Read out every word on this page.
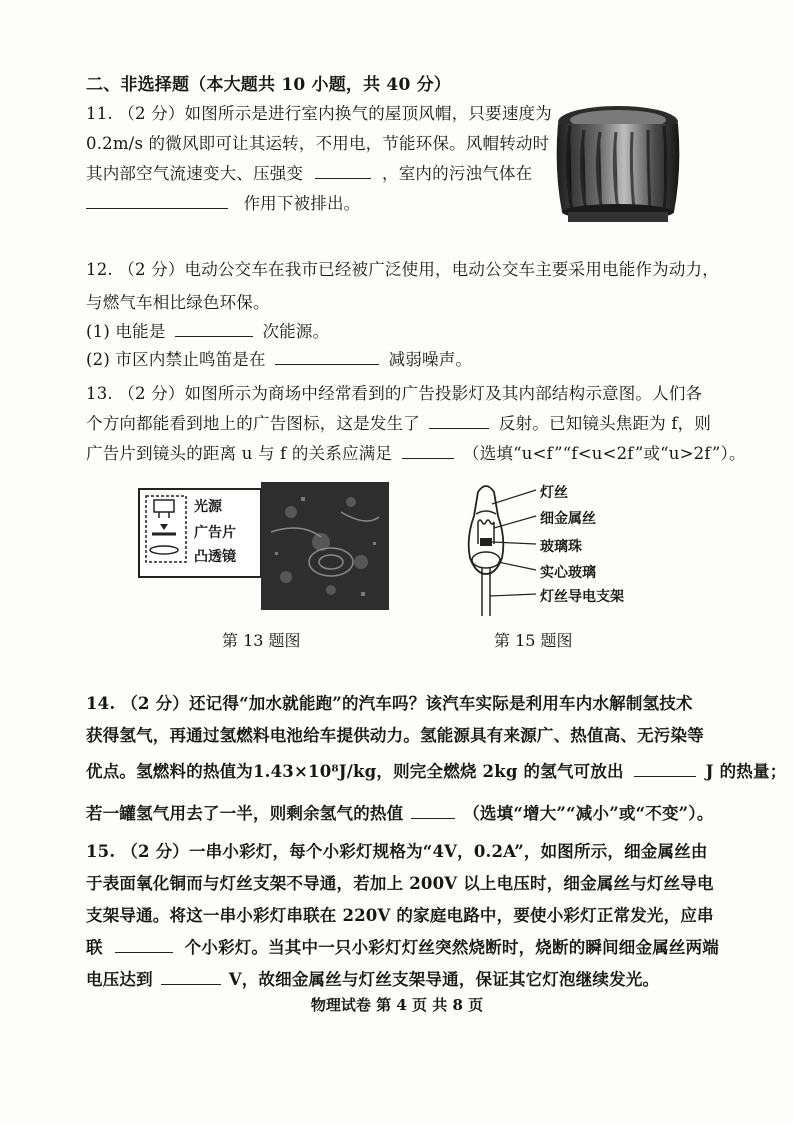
二、非选择题（本大题共 10 小题，共 40 分）
11. （2 分）如图所示是进行室内换气的屋顶风帽，只要速度为
0.2m/s 的微风即可让其运转，不用电，节能环保。风帽转动时
其内部空气流速变大、压强变	，室内的污浊气体在
作用下被排出。
12. （2 分）电动公交车在我市已经被广泛使用，电动公交车主要采用电能作为动力，
与燃气车相比绿色环保。
(1) 电能是	次能源。
(2) 市区内禁止鸣笛是在	减弱噪声。
13. （2 分）如图所示为商场中经常看到的广告投影灯及其内部结构示意图。人们各
个方向都能看到地上的广告图标，这是发生了	反射。已知镜头焦距为 f，则
广告片到镜头的距离 u 与 f 的关系应满足	（选填“u<f”“f<u<2f”或“u>2f”）。
光源
广告片
凸透镜
第 13 题图
灯丝
细金属丝
玻璃珠
实心玻璃
灯丝导电支架
第 15 题图
14. （2 分）还记得“加水就能跑”的汽车吗？该汽车实际是利用车内水解制氢技术
获得氢气，再通过氢燃料电池给车提供动力。氢能源具有来源广、热值高、无污染等
优点。氢燃料的热值为1.43×10⁸J/kg，则完全燃烧 2kg 的氢气可放出	J 的热量；
若一罐氢气用去了一半，则剩余氢气的热值	（选填“增大”“减小”或“不变”）。
15. （2 分）一串小彩灯，每个小彩灯规格为“4V，0.2A”，如图所示，细金属丝由
于表面氧化铜而与灯丝支架不导通，若加上 200V 以上电压时，细金属丝与灯丝导电
支架导通。将这一串小彩灯串联在 220V 的家庭电路中，要使小彩灯正常发光，应串
联	个小彩灯。当其中一只小彩灯灯丝突然烧断时，烧断的瞬间细金属丝两端
电压达到	V，故细金属丝与灯丝支架导通，保证其它灯泡继续发光。
物理试卷 第 4 页 共 8 页
